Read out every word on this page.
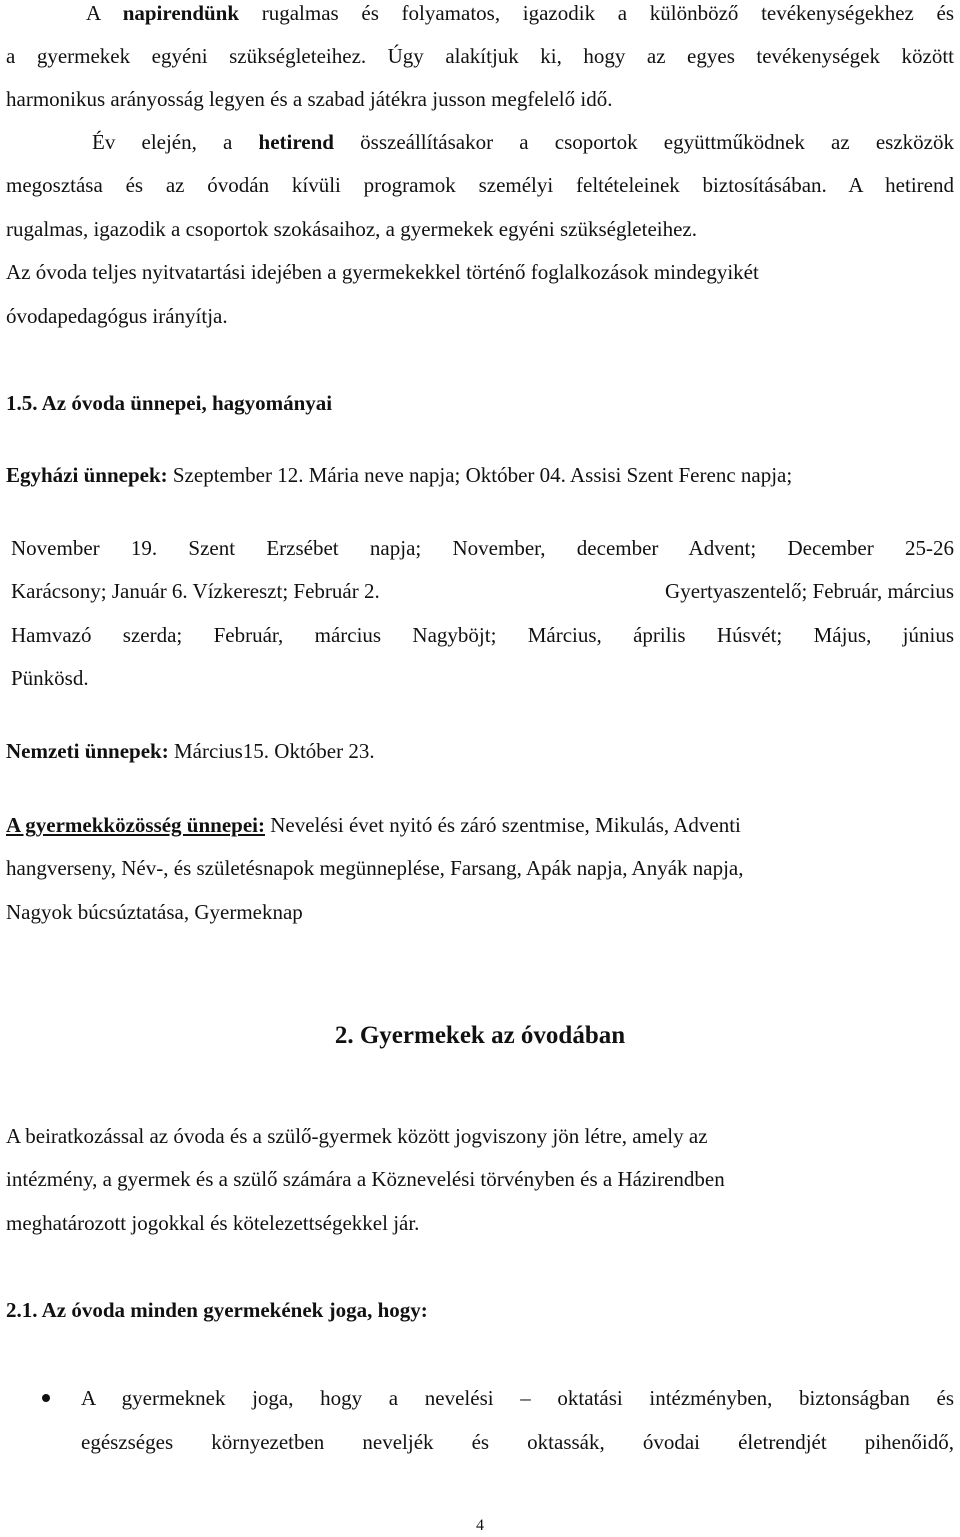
A napirendünk rugalmas és folyamatos, igazodik a különböző tevékenységekhez és
a gyermekek egyéni szükségleteihez. Úgy alakítjuk ki, hogy az egyes tevékenységek között
harmonikus arányosság legyen és a szabad játékra jusson megfelelő idő.
Év elején, a hetirend összeállításakor a csoportok együttműködnek az eszközök
megosztása és az óvodán kívüli programok személyi feltételeinek biztosításában. A hetirend
rugalmas, igazodik a csoportok szokásaihoz, a gyermekek egyéni szükségleteihez.
Az óvoda teljes nyitvatartási idejében a gyermekekkel történő foglalkozások mindegyikét
óvodapedagógus irányítja.
1.5. Az óvoda ünnepei, hagyományai
Egyházi ünnepek: Szeptember 12. Mária neve napja; Október 04. Assisi Szent Ferenc napja;
November 19. Szent Erzsébet napja; November, december Advent; December 25-26
Karácsony; Január 6. Vízkereszt; Február 2.	Gyertyaszentelő; Február, március
Hamvazó szerda; Február, március Nagyböjt; Március, április Húsvét; Május, június
Pünkösd.
Nemzeti ünnepek: Március15. Október 23.
A gyermekközösség ünnepei: Nevelési évet nyitó és záró szentmise, Mikulás, Adventi
hangverseny, Név-, és születésnapok megünneplése, Farsang, Apák napja, Anyák napja,
Nagyok búcsúztatása, Gyermeknap
2. Gyermekek az óvodában
A beiratkozással az óvoda és a szülő-gyermek között jogviszony jön létre, amely az
intézmény, a gyermek és a szülő számára a Köznevelési törvényben és a Házirendben
meghatározott jogokkal és kötelezettségekkel jár.
2.1. Az óvoda minden gyermekének joga, hogy:
A gyermeknek joga, hogy a nevelési – oktatási intézményben, biztonságban és
egészséges környezetben neveljék és oktassák, óvodai életrendjét pihenőidő,
4
